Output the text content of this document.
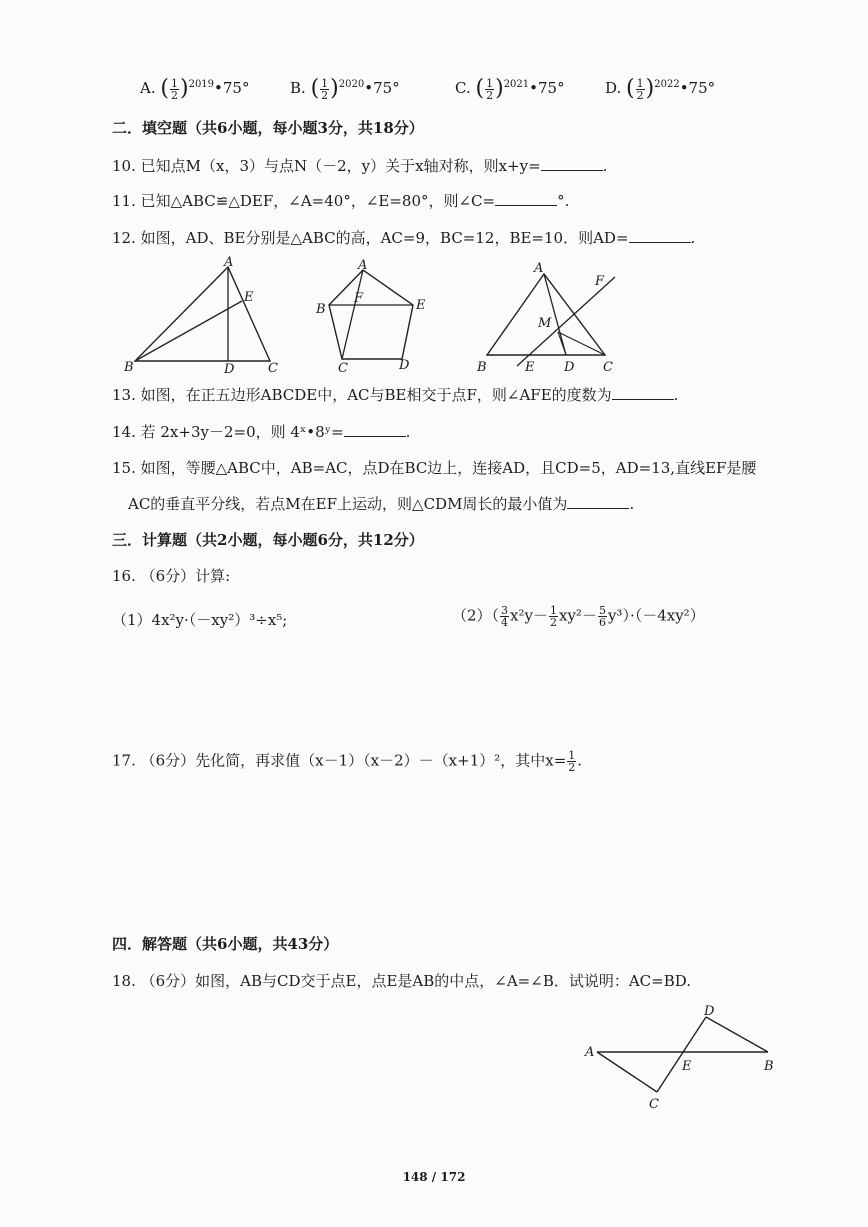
A. ( $\frac{1}{2}$ )$^{2019}$•75°	B. ( $\frac{1}{2}$ )$^{2020}$•75°	C. ( $\frac{1}{2}$ )$^{2021}$•75°	D. ( $\frac{1}{2}$ )$^{2022}$•75°
二．填空题（共6小题，每小题3分，共18分）
10. 已知点M（x，3）与点N（－2，y）关于x轴对称，则x+y=	.
11. 已知△ABC≌△DEF，∠A=40°，∠E=80°，则∠C=	°.
12. 如图，AD、BE分别是△ABC的高，AC=9，BC=12，BE=10．则AD=	.
A
B	C
D
E
A
B
C	D
E
F
A
B	C
D
E
F
M
13. 如图，在正五边形ABCDE中，AC与BE相交于点F，则∠AFE的度数为	.
14. 若 2x+3y－2=0，则 4ˣ•8ʸ=	.
15. 如图，等腰△ABC中，AB=AC，点D在BC边上，连接AD，且CD=5，AD=13,直线EF是腰
AC的垂直平分线，若点M在EF上运动，则△CDM周长的最小值为	.
三．计算题（共2小题，每小题6分，共12分）
16. （6分）计算:
（1）4x²y·（－xy²）³÷x⁵;	$(2)( \frac{3}{4} x^2y- \frac{1}{2} xy^2- \frac{5}{6} y^3)\cdot(-4xy^2)$
17. （6分）先化简，再求值（x－1）（x－2）－（x+1）²，其中$x= \frac{1}{2}$ .
四．解答题（共6小题，共43分）
18. （6分）如图，AB与CD交于点E，点E是AB的中点，∠A=∠B．试说明：AC=BD.
A
B
C
D
E
148 / 172
